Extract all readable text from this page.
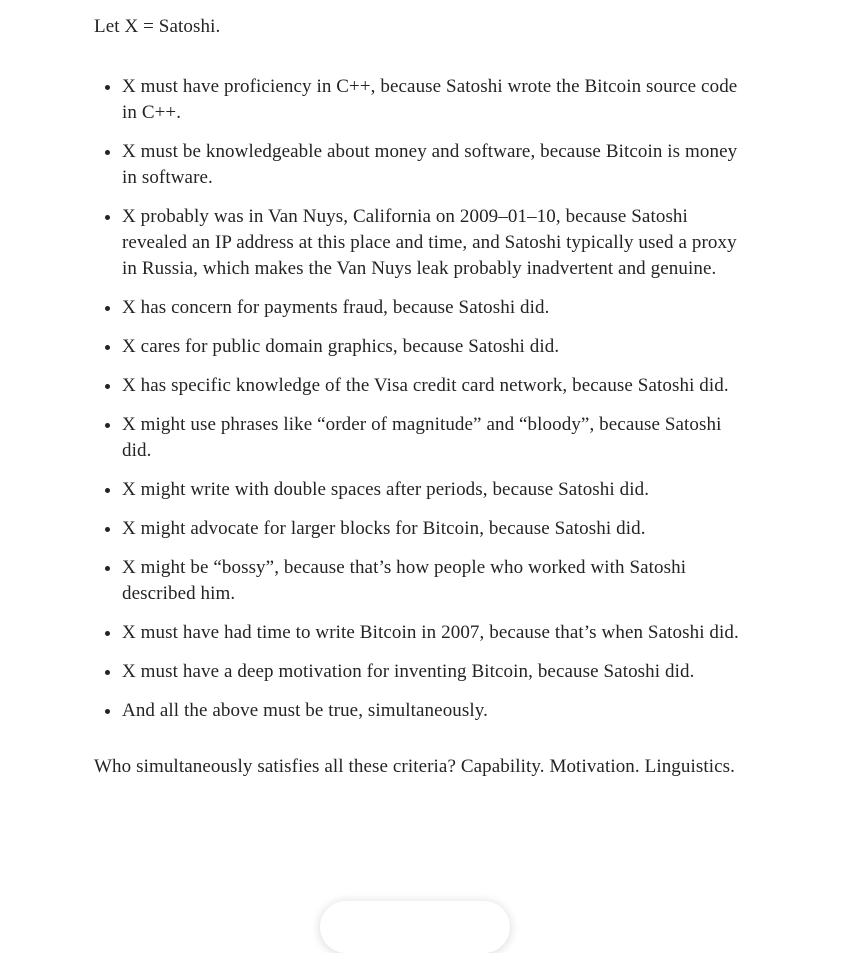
Let X = Satoshi.

• X must have proficiency in C++, because Satoshi wrote the Bitcoin source code in C++.
• X must be knowledgeable about money and software, because Bitcoin is money in software.
• X probably was in Van Nuys, California on 2009–01–10, because Satoshi revealed an IP address at this place and time, and Satoshi typically used a proxy in Russia, which makes the Van Nuys leak probably inadvertent and genuine.
• X has concern for payments fraud, because Satoshi did.
• X cares for public domain graphics, because Satoshi did.
• X has specific knowledge of the Visa credit card network, because Satoshi did.
• X might use phrases like “order of magnitude” and “bloody”, because Satoshi did.
• X might write with double spaces after periods, because Satoshi did.
• X might advocate for larger blocks for Bitcoin, because Satoshi did.
• X might be “bossy”, because that’s how people who worked with Satoshi described him.
• X must have had time to write Bitcoin in 2007, because that’s when Satoshi did.
• X must have a deep motivation for inventing Bitcoin, because Satoshi did.
• And all the above must be true, simultaneously.

Who simultaneously satisfies all these criteria? Capability. Motivation. Linguistics.
